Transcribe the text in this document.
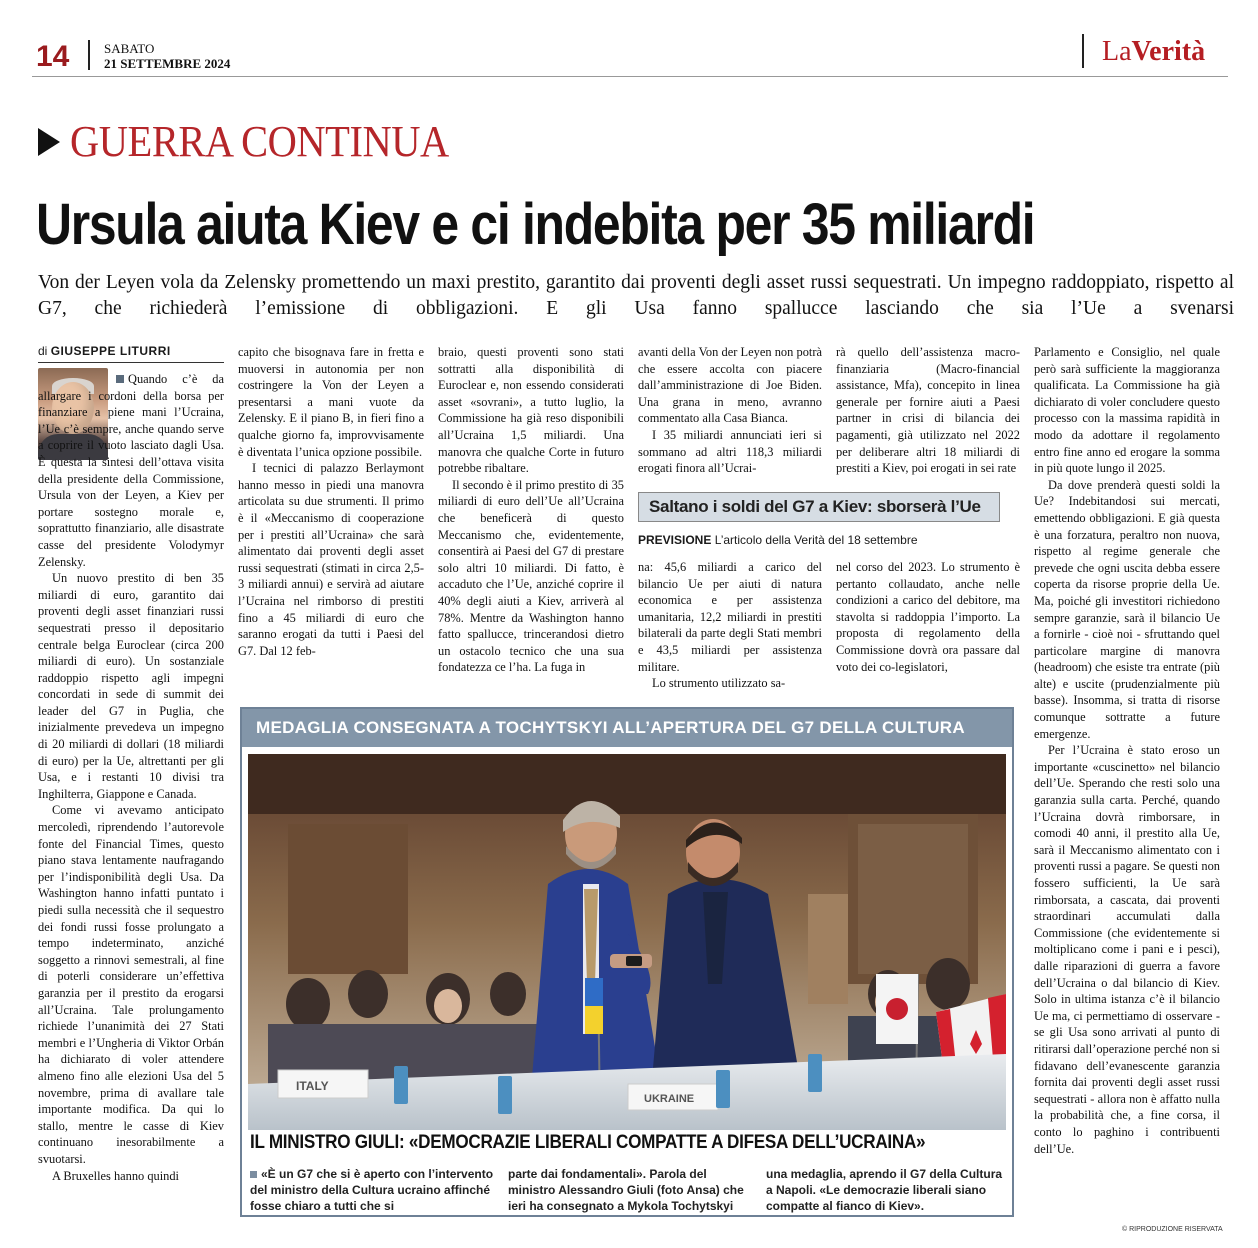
14	SABATO
21 SETTEMBRE 2024	LaVerità
GUERRA CONTINUA
Ursula aiuta Kiev e ci indebita per 35 miliardi
Von der Leyen vola da Zelensky promettendo un maxi prestito, garantito dai proventi degli asset russi sequestrati. Un impegno raddoppiato, rispetto al G7, che richiederà l’emissione di obbligazioni. E gli Usa fanno spallucce lasciando che sia l’Ue a svenarsi
di GIUSEPPE LITURRI

Quando c’è da allargare i cordoni della borsa per finanziare a piene mani l’Ucraina, l’Ue c’è sempre, anche quando serve a coprire il vuoto lasciato dagli Usa. È questa la sintesi dell’ottava visita della presidente della Commissione, Ursula von der Leyen, a Kiev per portare sostegno morale e, soprattutto finanziario, alle disastrate casse del presidente Volodymyr Zelensky.

Un nuovo prestito di ben 35 miliardi di euro, garantito dai proventi degli asset finanziari russi sequestrati presso il depositario centrale belga Euroclear (circa 200 miliardi di euro). Un sostanziale raddoppio rispetto agli impegni concordati in sede di summit dei leader del G7 in Puglia, che inizialmente prevedeva un impegno di 20 miliardi di dollari (18 miliardi di euro) per la Ue, altrettanti per gli Usa, e i restanti 10 divisi tra Inghilterra, Giappone e Canada.

Come vi avevamo anticipato mercoledì, riprendendo l’autorevole fonte del Financial Times, questo piano stava lentamente naufragando per l’indisponibilità degli Usa. Da Washington hanno infatti puntato i piedi sulla necessità che il sequestro dei fondi russi fosse prolungato a tempo indeterminato, anziché soggetto a rinnovi semestrali, al fine di poterli considerare un’effettiva garanzia per il prestito da erogarsi all’Ucraina. Tale prolungamento richiede l’unanimità dei 27 Stati membri e l’Ungheria di Viktor Orbán ha dichiarato di voler attendere almeno fino alle elezioni Usa del 5 novembre, prima di avallare tale importante modifica. Da qui lo stallo, mentre le casse di Kiev continuano inesorabilmente a svuotarsi.

A Bruxelles hanno quindi

capito che bisognava fare in fretta e muoversi in autonomia per non costringere la Von der Leyen a presentarsi a mani vuote da Zelensky. E il piano B, in fieri fino a qualche giorno fa, improvvisamente è diventata l’unica opzione possibile.

I tecnici di palazzo Berlaymont hanno messo in piedi una manovra articolata su due strumenti. Il primo è il «Meccanismo di cooperazione per i prestiti all’Ucraina» che sarà alimentato dai proventi degli asset russi sequestrati (stimati in circa 2,5-3 miliardi annui) e servirà ad aiutare l’Ucraina nel rimborso di prestiti fino a 45 miliardi di euro che saranno erogati da tutti i Paesi del G7. Dal 12 feb-

braio, questi proventi sono stati sottratti alla disponibilità di Euroclear e, non essendo considerati asset «sovrani», a tutto luglio, la Commissione ha già reso disponibili all’Ucraina 1,5 miliardi. Una manovra che qualche Corte in futuro potrebbe ribaltare.

Il secondo è il primo prestito di 35 miliardi di euro dell’Ue all’Ucraina che beneficerà di questo Meccanismo che, evidentemente, consentirà ai Paesi del G7 di prestare solo altri 10 miliardi. Di fatto, è accaduto che l’Ue, anziché coprire il 40% degli aiuti a Kiev, arriverà al 78%. Mentre da Washington hanno fatto spallucce, trincerandosi dietro un ostacolo tecnico che una sua fondatezza ce l’ha. La fuga in

avanti della Von der Leyen non potrà che essere accolta con piacere dall’amministrazione di Joe Biden. Una grana in meno, avranno commentato alla Casa Bianca.

I 35 miliardi annunciati ieri si sommano ad altri 118,3 miliardi erogati finora all’Ucrai-

rà quello dell’assistenza macro-finanziaria (Macro-financial assistance, Mfa), concepito in linea generale per fornire aiuti a Paesi partner in crisi di bilancia dei pagamenti, già utilizzato nel 2022 per deliberare altri 18 miliardi di prestiti a Kiev, poi erogati in sei rate

Saltano i soldi del G7 a Kiev: sborserà l’Ue
PREVISIONE L’articolo della Verità del 18 settembre

na: 45,6 miliardi a carico del bilancio Ue per aiuti di natura economica e per assistenza umanitaria, 12,2 miliardi in prestiti bilaterali da parte degli Stati membri e 43,5 miliardi per assistenza militare.

Lo strumento utilizzato sa-

nel corso del 2023. Lo strumento è pertanto collaudato, anche nelle condizioni a carico del debitore, ma stavolta si raddoppia l’importo. La proposta di regolamento della Commissione dovrà ora passare dal voto dei co-legislatori,

Parlamento e Consiglio, nel quale però sarà sufficiente la maggioranza qualificata. La Commissione ha già dichiarato di voler concludere questo processo con la massima rapidità in modo da adottare il regolamento entro fine anno ed erogare la somma in più quote lungo il 2025.

Da dove prenderà questi soldi la Ue? Indebitandosi sui mercati, emettendo obbligazioni. E già questa è una forzatura, peraltro non nuova, rispetto al regime generale che prevede che ogni uscita debba essere coperta da risorse proprie della Ue. Ma, poiché gli investitori richiedono sempre garanzie, sarà il bilancio Ue a fornirle - cioè noi - sfruttando quel particolare margine di manovra (headroom) che esiste tra entrate (più alte) e uscite (prudenzialmente più basse). Insomma, si tratta di risorse comunque sottratte a future emergenze.

Per l’Ucraina è stato eroso un importante «cuscinetto» nel bilancio dell’Ue. Sperando che resti solo una garanzia sulla carta. Perché, quando l’Ucraina dovrà rimborsare, in comodi 40 anni, il prestito alla Ue, sarà il Meccanismo alimentato con i proventi russi a pagare. Se questi non fossero sufficienti, la Ue sarà rimborsata, a cascata, dai proventi straordinari accumulati dalla Commissione (che evidentemente si moltiplicano come i pani e i pesci), dalle riparazioni di guerra a favore dell’Ucraina o dal bilancio di Kiev. Solo in ultima istanza c’è il bilancio Ue ma, ci permettiamo di osservare - se gli Usa sono arrivati al punto di ritirarsi dall’operazione perché non si fidavano dell’evanescente garanzia fornita dai proventi degli asset russi sequestrati - allora non è affatto nulla la probabilità che, a fine corsa, il conto lo paghino i contribuenti dell’Ue.

MEDAGLIA CONSEGNATA A TOCHYTSKYI ALL’APERTURA DEL G7 DELLA CULTURA
ITALY
UKRAINE
IL MINISTRO GIULI: «DEMOCRAZIE LIBERALI COMPATTE A DIFESA DELL’UCRAINA»
«È un G7 che si è aperto con l’intervento del ministro della Cultura ucraino affinché fosse chiaro a tutti che si
parte dai fondamentali». Parola del ministro Alessandro Giuli (foto Ansa) che ieri ha consegnato a Mykola Tochytskyi
una medaglia, aprendo il G7 della Cultura a Napoli. «Le democrazie liberali siano compatte al fianco di Kiev».
© RIPRODUZIONE RISERVATA
